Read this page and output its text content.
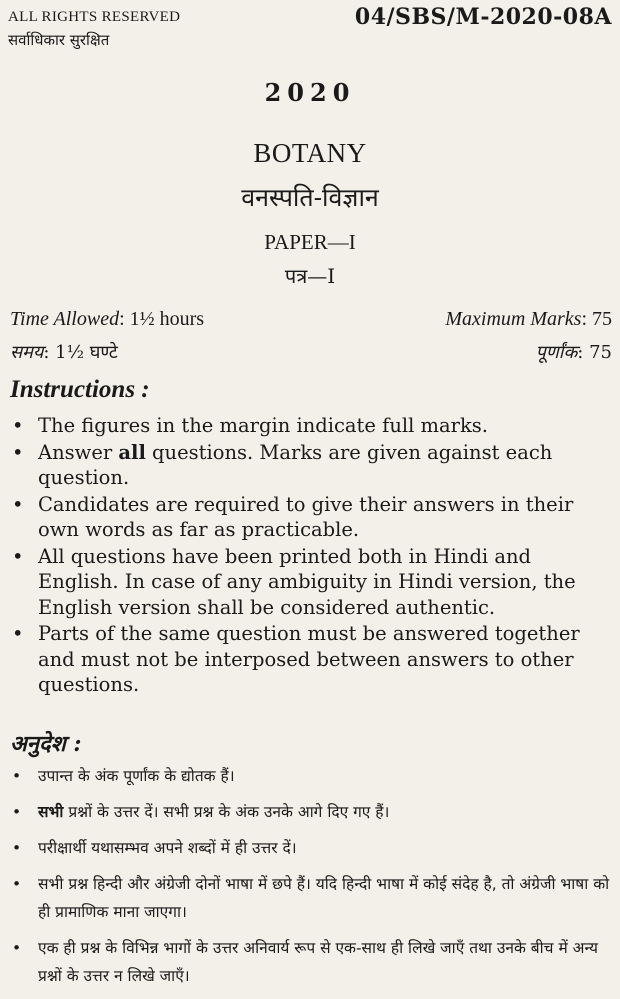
ALL RIGHTS RESERVED
सर्वाधिकार सुरक्षित
04/SBS/M-2020-08A
2020
BOTANY
वनस्पति-विज्ञान
PAPER—I
पत्र—I
Time Allowed: 1½ hours	Maximum Marks: 75
समय: 1½ घण्टे	पूर्णांक: 75
Instructions :
• The figures in the margin indicate full marks.
• Answer all questions. Marks are given against each question.
• Candidates are required to give their answers in their own words as far as practicable.
• All questions have been printed both in Hindi and English. In case of any ambiguity in Hindi version, the English version shall be considered authentic.
• Parts of the same question must be answered together and must not be interposed between answers to other questions.
अनुदेश :
• उपान्त के अंक पूर्णांक के द्योतक हैं।
• सभी प्रश्नों के उत्तर दें। सभी प्रश्न के अंक उनके आगे दिए गए हैं।
• परीक्षार्थी यथासम्भव अपने शब्दों में ही उत्तर दें।
• सभी प्रश्न हिन्दी और अंग्रेजी दोनों भाषा में छपे हैं। यदि हिन्दी भाषा में कोई संदेह है, तो अंग्रेजी भाषा को ही प्रामाणिक माना जाएगा।
• एक ही प्रश्न के विभिन्न भागों के उत्तर अनिवार्य रूप से एक-साथ ही लिखे जाएँ तथा उनके बीच में अन्य प्रश्नों के उत्तर न लिखे जाएँ।
